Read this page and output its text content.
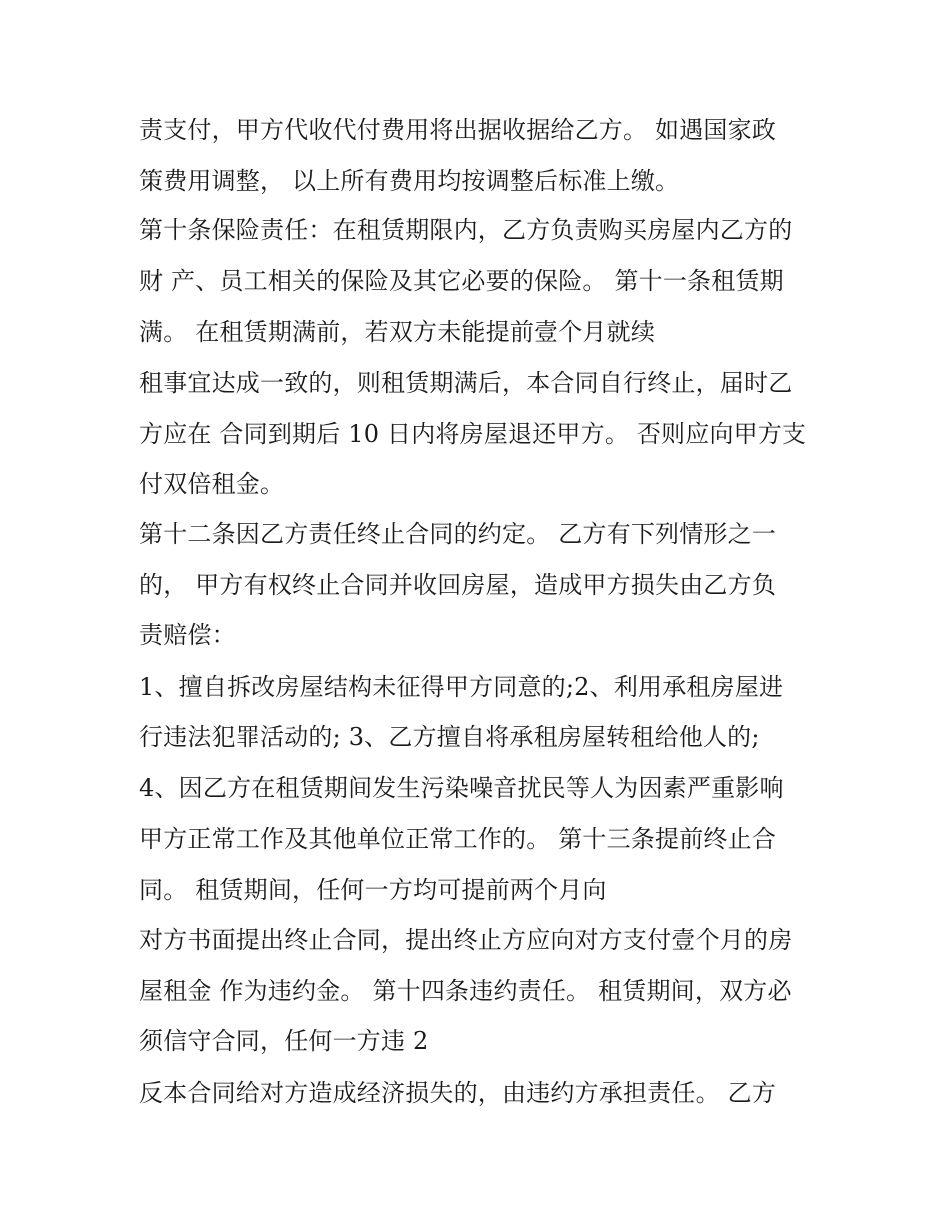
责支付，甲方代收代付费用将出据收据给乙方。 如遇国家政
策费用调整， 以上所有费用均按调整后标准上缴。
第十条保险责任：在租赁期限内，乙方负责购买房屋内乙方的
财 产、员工相关的保险及其它必要的保险。 第十一条租赁期
满。 在租赁期满前，若双方未能提前壹个月就续
租事宜达成一致的，则租赁期满后，本合同自行终止，届时乙
方应在 合同到期后 10 日内将房屋退还甲方。 否则应向甲方支
付双倍租金。
第十二条因乙方责任终止合同的约定。 乙方有下列情形之一
的， 甲方有权终止合同并收回房屋，造成甲方损失由乙方负
责赔偿：
1、擅自拆改房屋结构未征得甲方同意的;2、利用承租房屋进
行违法犯罪活动的; 3、乙方擅自将承租房屋转租给他人的;
4、因乙方在租赁期间发生污染噪音扰民等人为因素严重影响
甲方正常工作及其他单位正常工作的。 第十三条提前终止合
同。 租赁期间，任何一方均可提前两个月向
对方书面提出终止合同，提出终止方应向对方支付壹个月的房
屋租金 作为违约金。 第十四条违约责任。 租赁期间，双方必
须信守合同，任何一方违 2
反本合同给对方造成经济损失的，由违约方承担责任。 乙方
